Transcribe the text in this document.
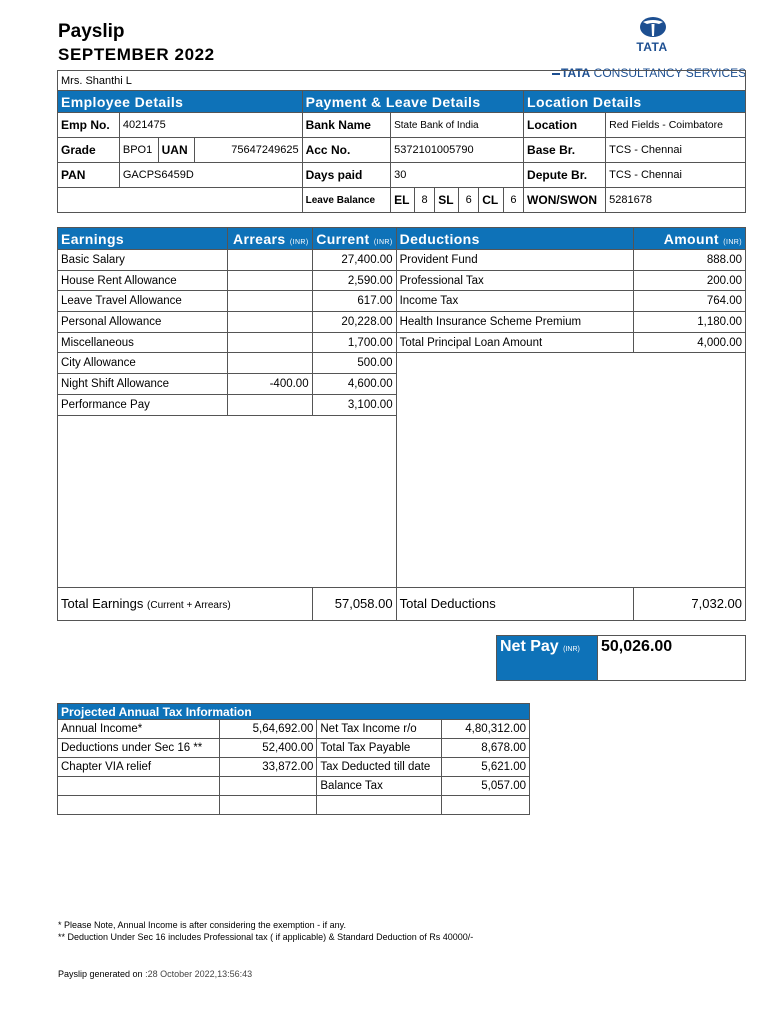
Payslip
SEPTEMBER 2022	TATA
TATA CONSULTANCY SERVICES
Mrs. Shanthi L												
Employee Details				Payment & Leave Details							Location Details	
Emp No.	4021475			Bank Name	State Bank of India						Location	Red Fields - Coimbatore
Grade	BPO1	UAN	75647249625	Acc No.	5372101005790						Base Br.	TCS - Chennai
PAN	GACPS6459D			Days paid	30						Depute Br.	TCS - Chennai
				Leave Balance	EL	8	SL	6	CL	6	WON/SWON	5281678
Earnings	Arrears (INR)	Current (INR)	Deductions	Amount (INR)
Basic Salary		27,400.00	Provident Fund	888.00
House Rent Allowance		2,590.00	Professional Tax	200.00
Leave Travel Allowance		617.00	Income Tax	764.00
Personal Allowance		20,228.00	Health Insurance Scheme Premium	1,180.00
Miscellaneous		1,700.00	Total Principal Loan Amount	4,000.00
City Allowance		500.00		
Night Shift Allowance	-400.00	4,600.00		
Performance Pay		3,100.00		

Total Earnings (Current + Arrears)		57,058.00	Total Deductions	7,032.00
Net Pay (INR)	50,026.00
Projected Annual Tax Information			
Annual Income*	5,64,692.00	Net Tax Income r/o	4,80,312.00
Deductions under Sec 16 **	52,400.00	Total Tax Payable	8,678.00
Chapter VIA relief	33,872.00	Tax Deducted till date	5,621.00
		Balance Tax	5,057.00

* Please Note, Annual Income is after considering the exemption - if any.
** Deduction Under Sec 16 includes Professional tax ( if applicable) & Standard Deduction of Rs 40000/-
Payslip generated on :28 October 2022,13:56:43
